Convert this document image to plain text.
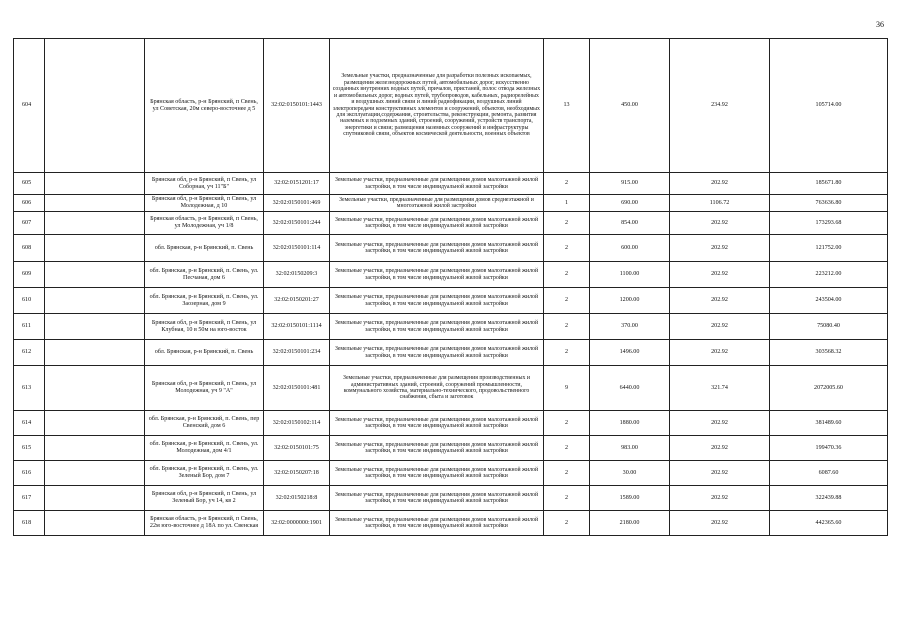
36
604		Брянская область, р-н Брянский, п Свень, ул Советская, 20м северо-восточнее д 5	32:02:0150101:1443	Земельные участки, предназначенные для разработки полезных ископаемых, размещения железнодорожных путей, автомобильных дорог, искусственно созданных внутренних водных путей, причалов, пристаней, полос отвода железных и автомобильных дорог, водных путей, трубопроводов, кабельных, радиорелейных и воздушных линий связи и линий радиофикации, воздушных линий электропередачи конструктивных элементов и сооружений, объектов, необходимых для эксплуатации,содержания, строительства, реконструкции, ремонта, развития наземных и подземных зданий, строений, сооружений, устройств транспорта, энергетики и связи; размещения наземных сооружений и инфраструктуры спутниковой связи, объектов космической деятельности, военных объектов	13	450.00	234.92	105714.00
605		Брянская обл, р-н Брянский, п Свень, ул Соборная, уч 11"Б"	32:02:0151201:17	Земельные участки, предназначенные для размещения домов малоэтажной жилой застройки, в том числе индивидуальной жилой застройки	2	915.00	202.92	185671.80
606		Брянская обл, р-н Брянский, п Свень, ул Молодежная, д 10	32:02:0150101:469	Земельные участки, предназначенные для размещения домов среднеэтажной и многоэтажной жилой застройки	1	690.00	1106.72	763636.80
607		Брянская область, р-н Брянский, п Свень, ул Молодежная, уч 1/8	32:02:0150101:244	Земельные участки, предназначенные для размещения домов малоэтажной жилой застройки, в том числе индивидуальной жилой застройки	2	854.00	202.92	173293.68
608		обл. Брянская, р-н Брянский, п. Свень	32:02:0150101:114	Земельные участки, предназначенные для размещения домов малоэтажной жилой застройки, в том числе индивидуальной жилой застройки	2	600.00	202.92	121752.00
609		обл. Брянская, р-н Брянский, п. Свень, ул. Песчаная, дом 6	32:02:0150209:3	Земельные участки, предназначенные для размещения домов малоэтажной жилой застройки, в том числе индивидуальной жилой застройки	2	1100.00	202.92	223212.00
610		обл. Брянская, р-н Брянский, п. Свень, ул. Заозерная, дом 9	32:02:0150201:27	Земельные участки, предназначенные для размещения домов малоэтажной жилой застройки, в том числе индивидуальной жилой застройки	2	1200.00	202.92	243504.00
611		Брянская обл, р-н Брянский, п Свень, ул Клубная, 10 в 50м на юго-восток	32:02:0150101:1114	Земельные участки, предназначенные для размещения домов малоэтажной жилой застройки, в том числе индивидуальной жилой застройки	2	370.00	202.92	75080.40
612		обл. Брянская, р-н Брянский, п. Свень	32:02:0150101:234	Земельные участки, предназначенные для размещения домов малоэтажной жилой застройки, в том числе индивидуальной жилой застройки	2	1496.00	202.92	303568.32
613		Брянская обл, р-н Брянский, п Свень, ул Молодежная, уч 9 "А"	32:02:0150101:481	Земельные участки, предназначенные для размещения производственных и административных зданий, строений, сооружений промышленности, коммунального хозяйства, материально-технического, продовольственного снабжения, сбыта и заготовок	9	6440.00	321.74	2072005.60
614		обл. Брянская, р-н Брянский, п. Свень, пер Свенский, дом 6	32:02:0150102:114	Земельные участки, предназначенные для размещения домов малоэтажной жилой застройки, в том числе индивидуальной жилой застройки	2	1880.00	202.92	381489.60
615		обл. Брянская, р-н Брянский, п. Свень, ул. Молодежная, дом 4/1	32:02:0150101:75	Земельные участки, предназначенные для размещения домов малоэтажной жилой застройки, в том числе индивидуальной жилой застройки	2	983.00	202.92	199470.36
616		обл. Брянская, р-н Брянский, п. Свень, ул. Зеленый Бор, дом 7	32:02:0150207:18	Земельные участки, предназначенные для размещения домов малоэтажной жилой застройки, в том числе индивидуальной жилой застройки	2	30.00	202.92	6087.60
617		Брянская обл, р-н Брянский, п Свень, ул Зеленый Бор, уч 14, кв 2	32:02:0150218:8	Земельные участки, предназначенные для размещения домов малоэтажной жилой застройки, в том числе индивидуальной жилой застройки	2	1589.00	202.92	322439.88
618		Брянская область, р-н Брянский, п Свень, 22м юго-восточнее д 18А по ул. Свенская	32:02:0000000:1901	Земельные участки, предназначенные для размещения домов малоэтажной жилой застройки, в том числе индивидуальной жилой застройки	2	2180.00	202.92	442365.60
